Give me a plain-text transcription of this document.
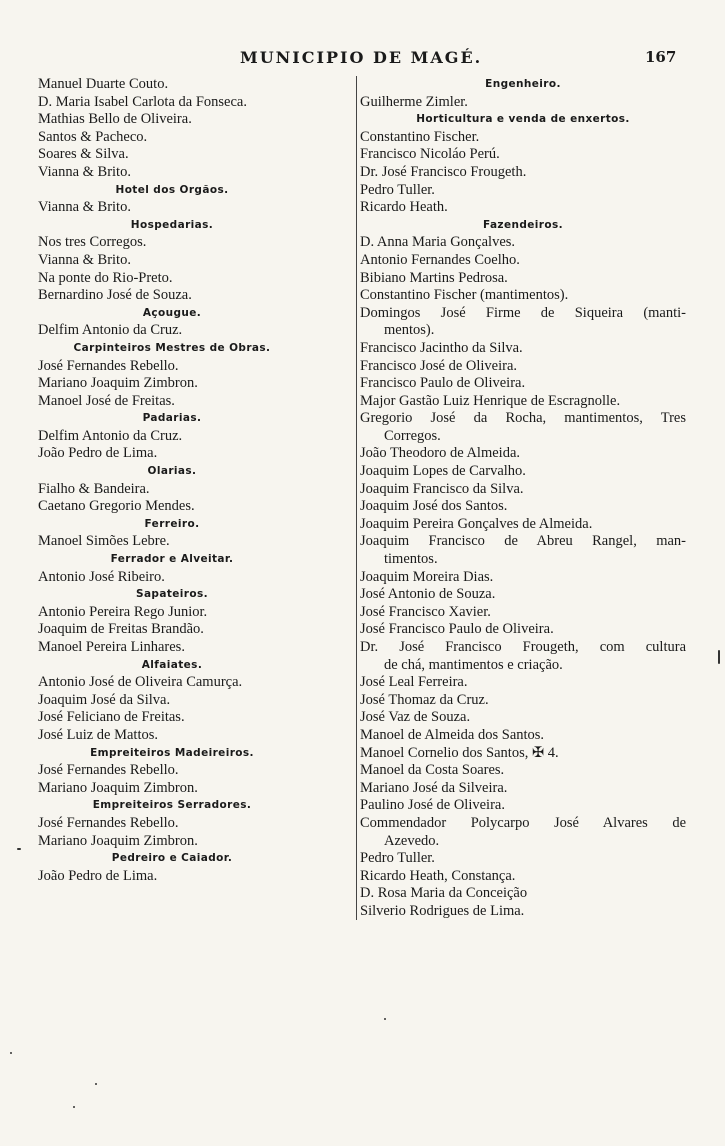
MUNICIPIO DE MAGÉ.	167
Manuel Duarte Couto.
D. Maria Isabel Carlota da Fonseca.
Mathias Bello de Oliveira.
Santos & Pacheco.
Soares & Silva.
Vianna & Brito.
Hotel dos Orgãos.
Vianna & Brito.
Hospedarias.
Nos tres Corregos.
Vianna & Brito.
Na ponte do Rio-Preto.
Bernardino José de Souza.
Açougue.
Delfim Antonio da Cruz.
Carpinteiros Mestres de Obras.
José Fernandes Rebello.
Mariano Joaquim Zimbron.
Manoel José de Freitas.
Padarias.
Delfim Antonio da Cruz.
João Pedro de Lima.
Olarias.
Fialho & Bandeira.
Caetano Gregorio Mendes.
Ferreiro.
Manoel Simões Lebre.
Ferrador e Alveitar.
Antonio José Ribeiro.
Sapateiros.
Antonio Pereira Rego Junior.
Joaquim de Freitas Brandão.
Manoel Pereira Linhares.
Alfaiates.
Antonio José de Oliveira Camurça.
Joaquim José da Silva.
José Feliciano de Freitas.
José Luiz de Mattos.
Empreiteiros Madeireiros.
José Fernandes Rebello.
Mariano Joaquim Zimbron.
Empreiteiros Serradores.
José Fernandes Rebello.
Mariano Joaquim Zimbron.
Pedreiro e Caiador.
João Pedro de Lima.
Engenheiro.
Guilherme Zimler.
Horticultura e venda de enxertos.
Constantino Fischer.
Francisco Nicoláo Perú.
Dr. José Francisco Frougeth.
Pedro Tuller.
Ricardo Heath.
Fazendeiros.
D. Anna Maria Gonçalves.
Antonio Fernandes Coelho.
Bibiano Martins Pedrosa.
Constantino Fischer (mantimentos).
Domingos José Firme de Siqueira (manti-
mentos).
Francisco Jacintho da Silva.
Francisco José de Oliveira.
Francisco Paulo de Oliveira.
Major Gastão Luiz Henrique de Escragnolle.
Gregorio José da Rocha, mantimentos, Tres
Corregos.
João Theodoro de Almeida.
Joaquim Lopes de Carvalho.
Joaquim Francisco da Silva.
Joaquim José dos Santos.
Joaquim Pereira Gonçalves de Almeida.
Joaquim Francisco de Abreu Rangel, man-
timentos.
Joaquim Moreira Dias.
José Antonio de Souza.
José Francisco Xavier.
José Francisco Paulo de Oliveira.
Dr. José Francisco Frougeth, com cultura
de chá, mantimentos e criação.
José Leal Ferreira.
José Thomaz da Cruz.
José Vaz de Souza.
Manoel de Almeida dos Santos.
Manoel Cornelio dos Santos, ✠ 4.
Manoel da Costa Soares.
Mariano José da Silveira.
Paulino José de Oliveira.
Commendador Polycarpo José Alvares de
Azevedo.
Pedro Tuller.
Ricardo Heath, Constança.
D. Rosa Maria da Conceição
Silverio Rodrigues de Lima.
